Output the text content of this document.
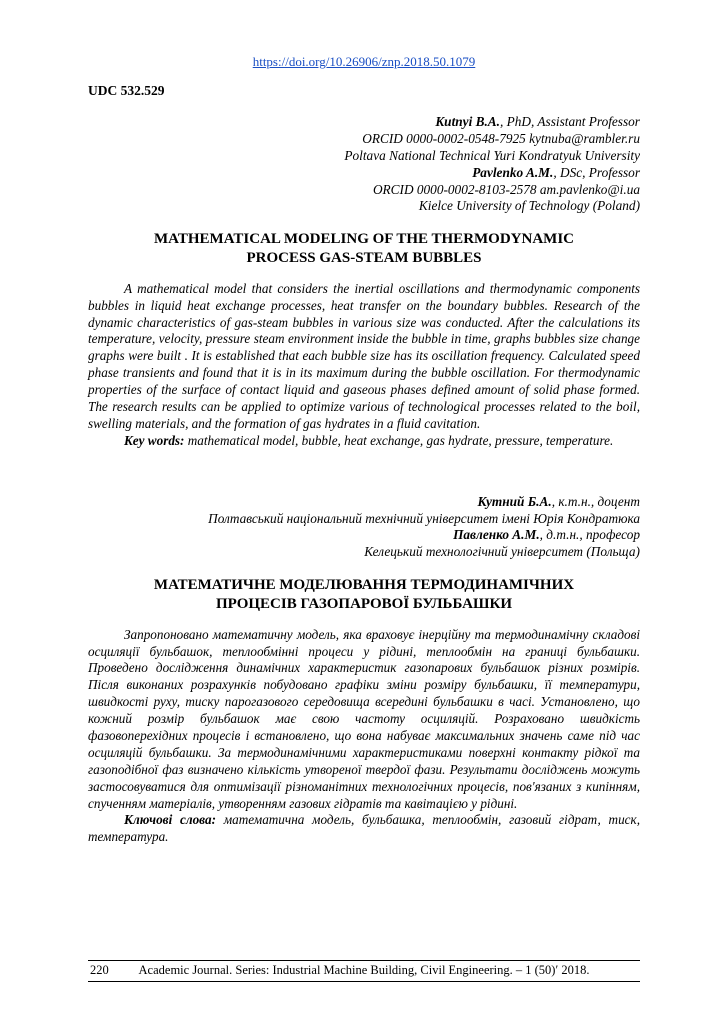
https://doi.org/10.26906/znp.2018.50.1079
UDC 532.529
Kutnyi B.A., PhD, Assistant Professor
ORCID 0000-0002-0548-7925 kytnuba@rambler.ru
Poltava National Technical Yuri Kondratyuk University
Pavlenko A.M., DSc, Professor
ORCID 0000-0002-8103-2578 am.pavlenko@i.ua
Kielce University of Technology (Poland)
MATHEMATICAL MODELING OF THE THERMODYNAMIC PROCESS GAS-STEAM BUBBLES

A mathematical model that considers the inertial oscillations and thermodynamic components bubbles in liquid heat exchange processes, heat transfer on the boundary bubbles. Research of the dynamic characteristics of gas-steam bubbles in various size was conducted. After the calculations its temperature, velocity, pressure steam environment inside the bubble in time, graphs bubbles size change graphs were built . It is established that each bubble size has its oscillation frequency. Calculated speed phase transients and found that it is in its maximum during the bubble oscillation. For thermodynamic properties of the surface of contact liquid and gaseous phases defined amount of solid phase formed. The research results can be applied to optimize various of technological processes related to the boil, swelling materials, and the formation of gas hydrates in a fluid cavitation.

Key words: mathematical model, bubble, heat exchange, gas hydrate, pressure, temperature.

Кутний Б.А., к.т.н., доцент
Полтавський національний технічний університет імені Юрія Кондратюка
Павленко А.М., д.т.н., професор
Келецький технологічний університет (Польща)
МАТЕМАТИЧНЕ МОДЕЛЮВАННЯ ТЕРМОДИНАМІЧНИХ ПРОЦЕСІВ ГАЗОПАРОВОЇ БУЛЬБАШКИ

Запропоновано математичну модель, яка враховує інерційну та термодинамічну складові осциляції бульбашок, теплообмінні процеси у рідині, теплообмін на границі бульбашки. Проведено дослідження динамічних характеристик газопарових бульбашок різних розмірів. Після виконаних розрахунків побудовано графіки зміни розміру бульбашки, її температури, швидкості руху, тиску парогазового середовища всередині бульбашки в часі. Установлено, що кожний розмір бульбашок має свою частоту осциляцій. Розраховано швидкість фазовоперехідних процесів і встановлено, що вона набуває максимальних значень саме під час осциляцій бульбашки. За термодинамічними характеристиками поверхні контакту рідкої та газоподібної фаз визначено кількість утвореної твердої фази. Результати досліджень можуть застосовуватися для оптимізації різноманітних технологічних процесів, пов'язаних з кипінням, спученням матеріалів, утворенням газових гідратів та кавітацією у рідині.

Ключові слова: математична модель, бульбашка, теплообмін, газовий гідрат, тиск, температура.

220 Academic Journal. Series: Industrial Machine Building, Civil Engineering. – 1 (50)′ 2018.
